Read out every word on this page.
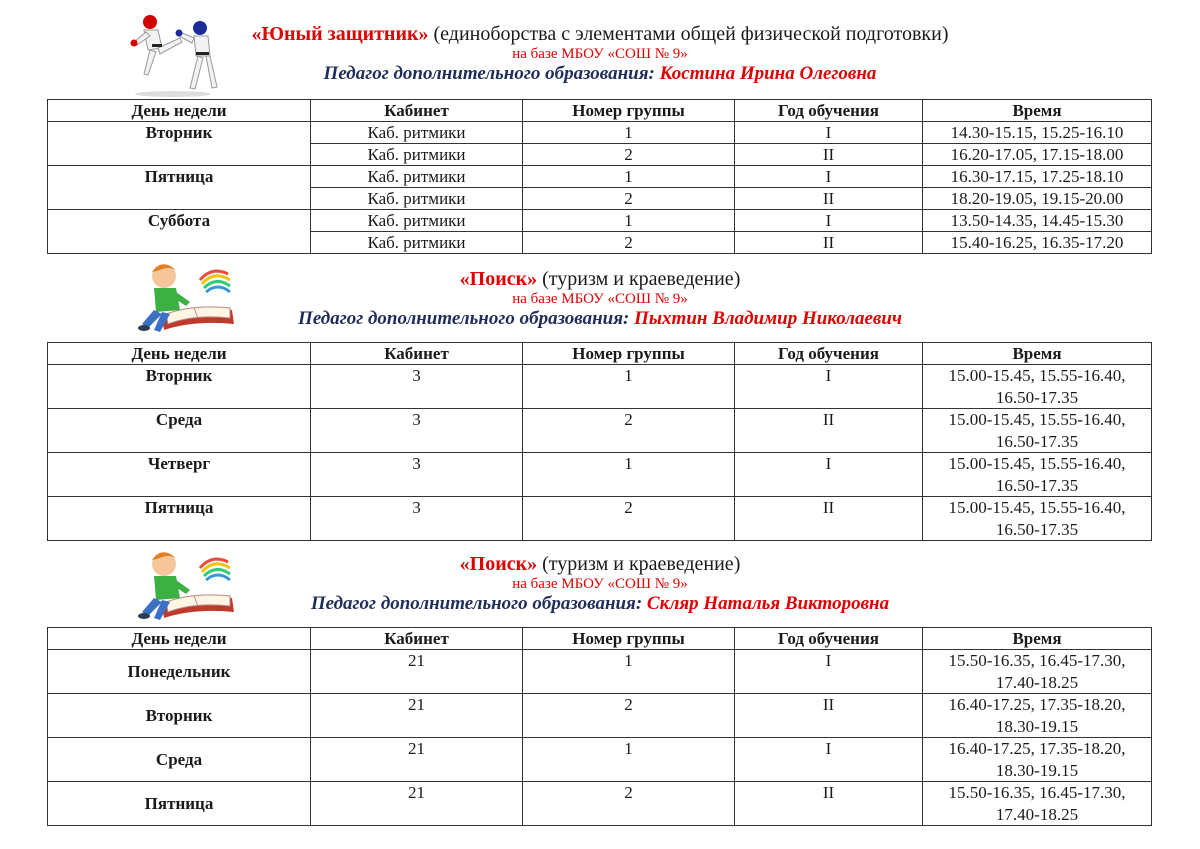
«Юный защитник» (единоборства с элементами общей физической подготовки)
на базе МБОУ «СОШ № 9»
Педагог дополнительного образования: Костина Ирина Олеговна
День недели	Кабинет	Номер группы	Год обучения	Время
Вторник	Каб. ритмики	1	I	14.30-15.15, 15.25-16.10
	Каб. ритмики	2	II	16.20-17.05, 17.15-18.00
Пятница	Каб. ритмики	1	I	16.30-17.15, 17.25-18.10
	Каб. ритмики	2	II	18.20-19.05, 19.15-20.00
Суббота	Каб. ритмики	1	I	13.50-14.35, 14.45-15.30
	Каб. ритмики	2	II	15.40-16.25, 16.35-17.20
«Поиск» (туризм и краеведение)
на базе МБОУ «СОШ № 9»
Педагог дополнительного образования: Пыхтин Владимир Николаевич
День недели	Кабинет	Номер группы	Год обучения	Время
Вторник	3	1	I	15.00-15.45, 15.55-16.40,
16.50-17.35

Среда	3	2	II	15.00-15.45, 15.55-16.40,
16.50-17.35

Четверг	3	1	I	15.00-15.45, 15.55-16.40,
16.50-17.35

Пятница	3	2	II	15.00-15.45, 15.55-16.40,
16.50-17.35
«Поиск» (туризм и краеведение)
на базе МБОУ «СОШ № 9»
Педагог дополнительного образования: Скляр Наталья Викторовна
День недели	Кабинет	Номер группы	Год обучения	Время
Понедельник	21	1	I	15.50-16.35, 16.45-17.30,
17.40-18.25

Вторник	21	2	II	16.40-17.25, 17.35-18.20,
18.30-19.15

Среда	21	1	I	16.40-17.25, 17.35-18.20,
18.30-19.15

Пятница	21	2	II	15.50-16.35, 16.45-17.30,
17.40-18.25
